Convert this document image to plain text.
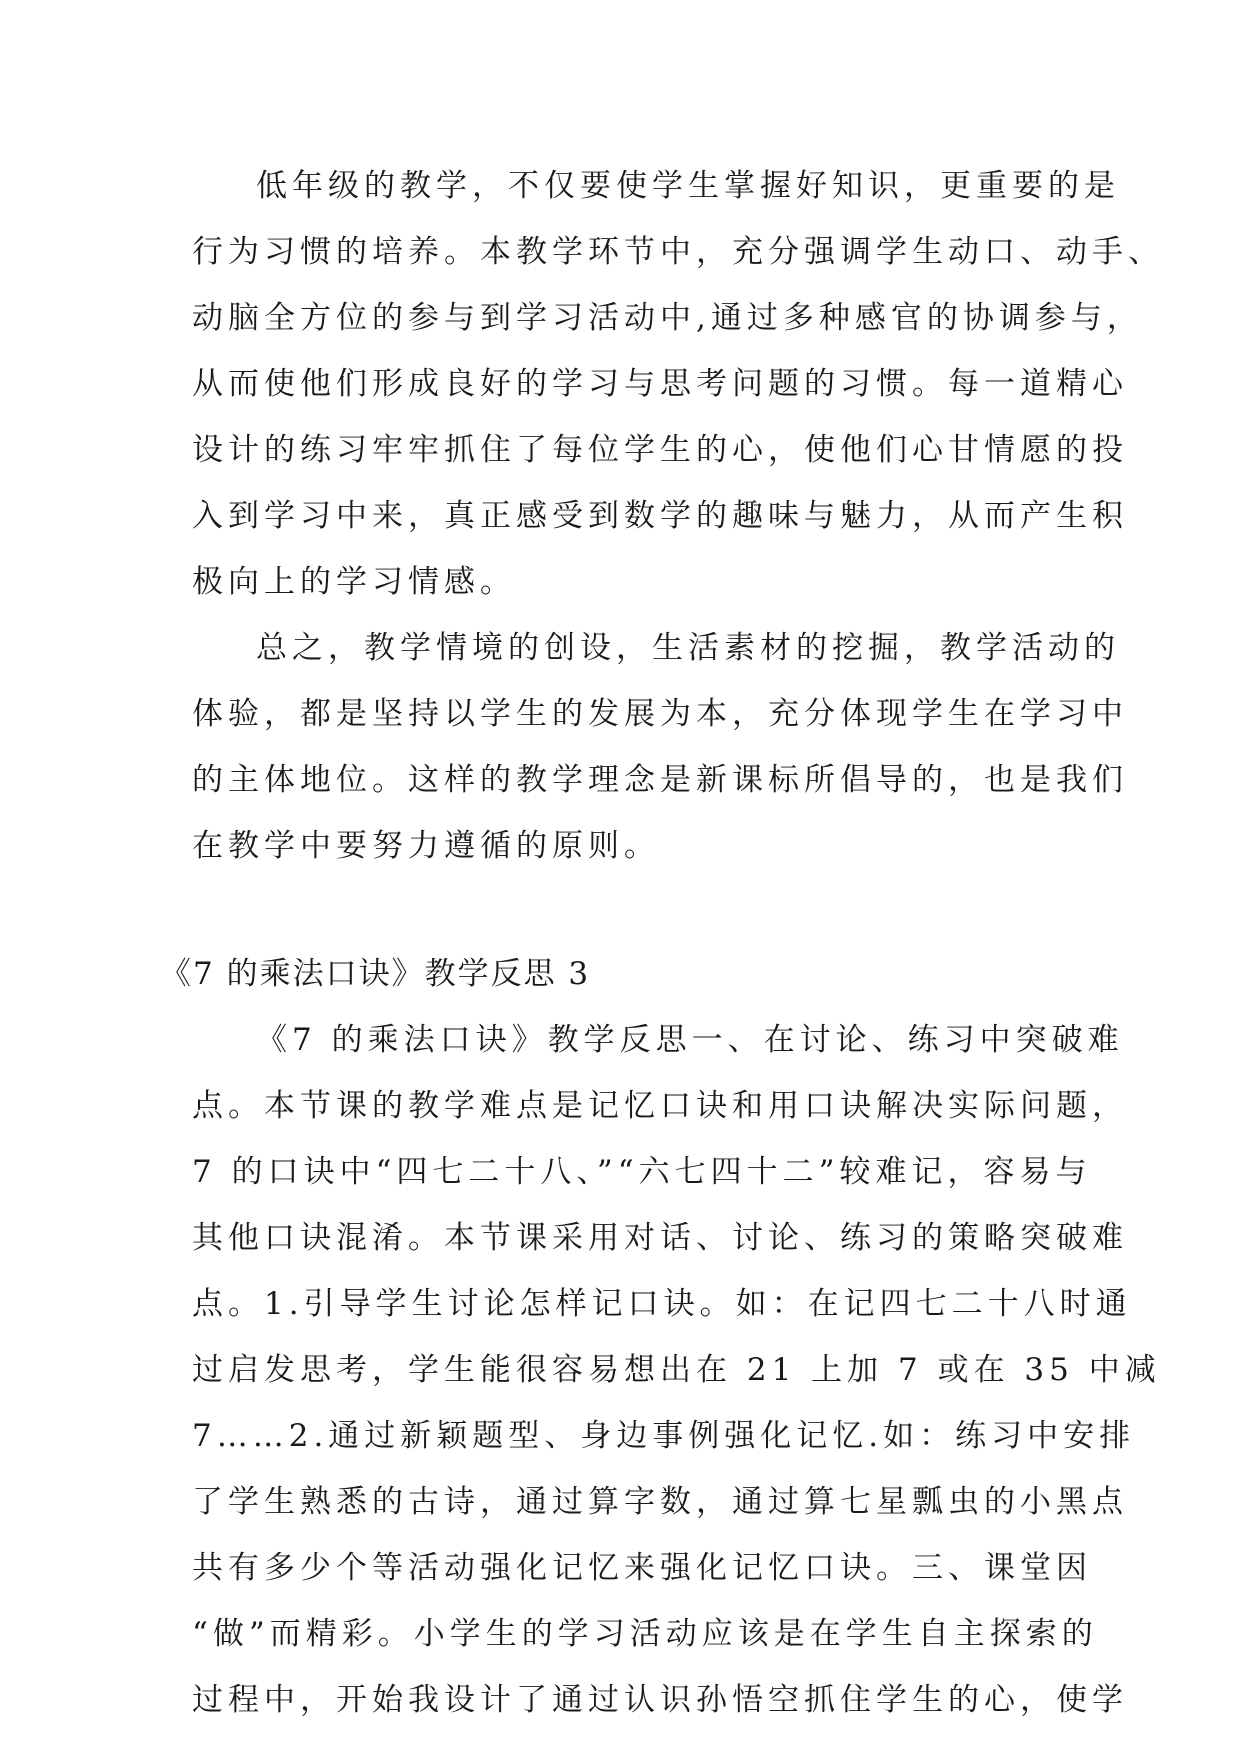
低年级的教学，不仅要使学生掌握好知识，更重要的是
行为习惯的培养。本教学环节中，充分强调学生动口、动手、
动脑全方位的参与到学习活动中,通过多种感官的协调参与，
从而使他们形成良好的学习与思考问题的习惯。每一道精心
设计的练习牢牢抓住了每位学生的心，使他们心甘情愿的投
入到学习中来，真正感受到数学的趣味与魅力，从而产生积
极向上的学习情感。
总之，教学情境的创设，生活素材的挖掘，教学活动的
体验，都是坚持以学生的发展为本，充分体现学生在学习中
的主体地位。这样的教学理念是新课标所倡导的，也是我们
在教学中要努力遵循的原则。
《7 的乘法口诀》教学反思 3
《7 的乘法口诀》教学反思一、在讨论、练习中突破难
点。本节课的教学难点是记忆口诀和用口诀解决实际问题，
7 的口诀中“四七二十八、”“六七四十二”较难记，容易与
其他口诀混淆。本节课采用对话、讨论、练习的策略突破难
点。1.引导学生讨论怎样记口诀。如：在记四七二十八时通
过启发思考，学生能很容易想出在 21 上加 7 或在 35 中减
7……2.通过新颖题型、身边事例强化记忆.如：练习中安排
了学生熟悉的古诗，通过算字数，通过算七星瓢虫的小黑点
共有多少个等活动强化记忆来强化记忆口诀。三、课堂因
“做”而精彩。小学生的学习活动应该是在学生自主探索的
过程中，开始我设计了通过认识孙悟空抓住学生的心，使学
